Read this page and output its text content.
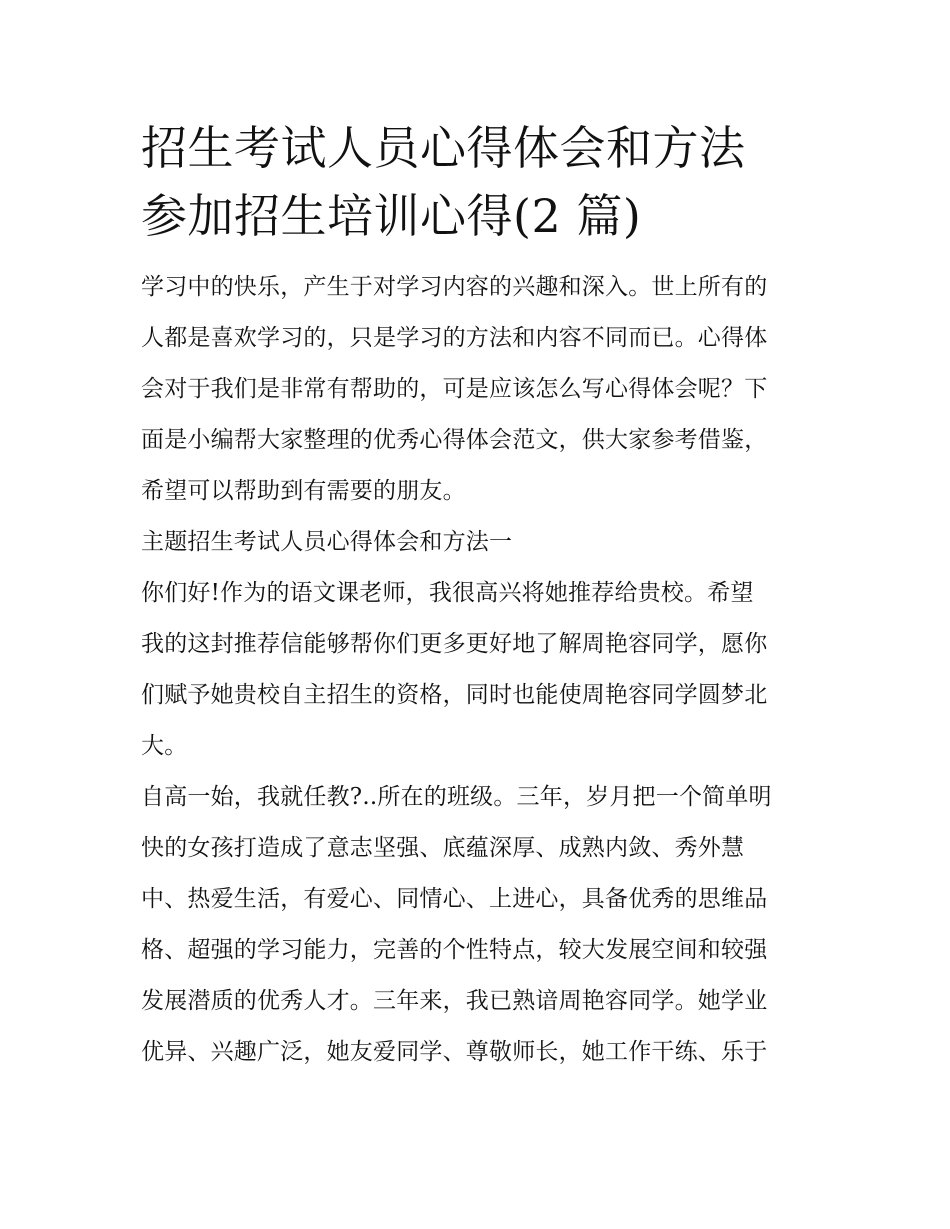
招生考试人员心得体会和方法
参加招生培训心得(2 篇)
学习中的快乐，产生于对学习内容的兴趣和深入。世上所有的
人都是喜欢学习的，只是学习的方法和内容不同而已。心得体
会对于我们是非常有帮助的，可是应该怎么写心得体会呢？下
面是小编帮大家整理的优秀心得体会范文，供大家参考借鉴，
希望可以帮助到有需要的朋友。
主题招生考试人员心得体会和方法一
你们好!作为的语文课老师，我很高兴将她推荐给贵校。希望
我的这封推荐信能够帮你们更多更好地了解周艳容同学，愿你
们赋予她贵校自主招生的资格，同时也能使周艳容同学圆梦北
大。
自高一始，我就任教?..所在的班级。三年，岁月把一个简单明
快的女孩打造成了意志坚强、底蕴深厚、成熟内敛、秀外慧
中、热爱生活，有爱心、同情心、上进心，具备优秀的思维品
格、超强的学习能力，完善的个性特点，较大发展空间和较强
发展潜质的优秀人才。三年来，我已熟谙周艳容同学。她学业
优异、兴趣广泛，她友爱同学、尊敬师长，她工作干练、乐于
